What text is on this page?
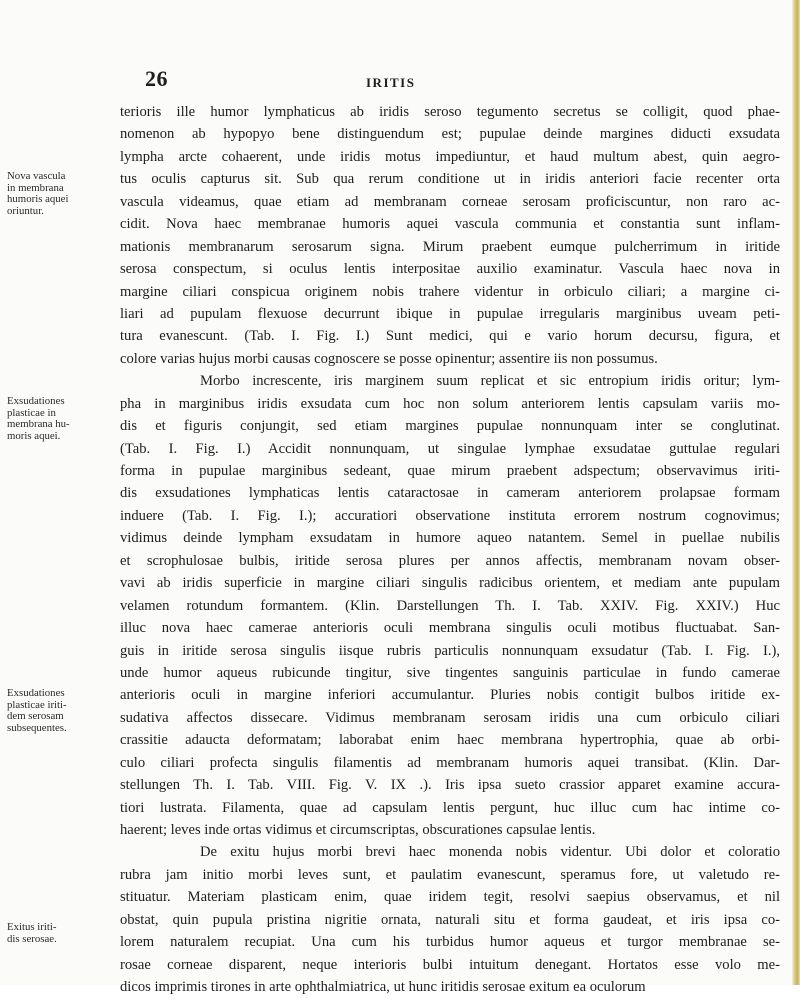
26	IRITIS
terioris ille humor lymphaticus ab iridis seroso tegumento secretus se colligit, quod phae-
nomenon ab hypopyo bene distinguendum est; pupulae deinde margines diducti exsudata
lympha arcte cohaerent, unde iridis motus impediuntur, et haud multum abest, quin aegro-
tus oculis capturus sit. Sub qua rerum conditione ut in iridis anteriori facie recenter orta
vascula videamus, quae etiam ad membranam corneae serosam proficiscuntur, non raro ac-
cidit. Nova haec membranae humoris aquei vascula communia et constantia sunt inflam-
mationis membranarum serosarum signa. Mirum praebent eumque pulcherrimum in iritide
serosa conspectum, si oculus lentis interpositae auxilio examinatur. Vascula haec nova in
margine ciliari conspicua originem nobis trahere videntur in orbiculo ciliari; a margine ci-
liari ad pupulam flexuose decurrunt ibique in pupulae irregularis marginibus uveam peti-
tura evanescunt. (Tab. I. Fig. I.) Sunt medici, qui e vario horum decursu, figura, et
colore varias hujus morbi causas cognoscere se posse opinentur; assentire iis non possumus.
Morbo increscente, iris marginem suum replicat et sic entropium iridis oritur; lym-
pha in marginibus iridis exsudata cum hoc non solum anteriorem lentis capsulam variis mo-
dis et figuris conjungit, sed etiam margines pupulae nonnunquam inter se conglutinat.
(Tab. I. Fig. I.) Accidit nonnunquam, ut singulae lymphae exsudatae guttulae regulari
forma in pupulae marginibus sedeant, quae mirum praebent adspectum; observavimus iriti-
dis exsudationes lymphaticas lentis cataractosae in cameram anteriorem prolapsae formam
induere (Tab. I. Fig. I.); accuratiori observatione instituta errorem nostrum cognovimus;
vidimus deinde lympham exsudatam in humore aqueo natantem. Semel in puellae nubilis
et scrophulosae bulbis, iritide serosa plures per annos affectis, membranam novam obser-
vavi ab iridis superficie in margine ciliari singulis radicibus orientem, et mediam ante pupulam
velamen rotundum formantem. (Klin. Darstellungen Th. I. Tab. XXIV. Fig. XXIV.) Huc
illuc nova haec camerae anterioris oculi membrana singulis oculi motibus fluctuabat. San-
guis in iritide serosa singulis iisque rubris particulis nonnunquam exsudatur (Tab. I. Fig. I.),
unde humor aqueus rubicunde tingitur, sive tingentes sanguinis particulae in fundo camerae
anterioris oculi in margine inferiori accumulantur. Pluries nobis contigit bulbos iritide ex-
sudativa affectos dissecare. Vidimus membranam serosam iridis una cum orbiculo ciliari
crassitie adaucta deformatam; laborabat enim haec membrana hypertrophia, quae ab orbi-
culo ciliari profecta singulis filamentis ad membranam humoris aquei transibat. (Klin. Dar-
stellungen Th. I. Tab. VIII. Fig. V. IX .). Iris ipsa sueto crassior apparet examine accura-
tiori lustrata. Filamenta, quae ad capsulam lentis pergunt, huc illuc cum hac intime co-
haerent; leves inde ortas vidimus et circumscriptas, obscurationes capsulae lentis.
De exitu hujus morbi brevi haec monenda nobis videntur. Ubi dolor et coloratio
rubra jam initio morbi leves sunt, et paulatim evanescunt, speramus fore, ut valetudo re-
stituatur. Materiam plasticam enim, quae iridem tegit, resolvi saepius observamus, et nil
obstat, quin pupula pristina nigritie ornata, naturali situ et forma gaudeat, et iris ipsa co-
lorem naturalem recupiat. Una cum his turbidus humor aqueus et turgor membranae se-
rosae corneae disparent, neque interioris bulbi intuitum denegant. Hortatos esse volo me-
dicos imprimis tirones in arte ophthalmiatrica, ut hunc iritidis serosae exitum ea oculorum
Nova vascula
in membrana
humoris aquei
oriuntur.
Exsudationes
plasticae in
membrana hu-
moris aquei.
Exsudationes
plasticae iriti-
dem serosam
subsequentes.
Exitus iriti-
dis serosae.
